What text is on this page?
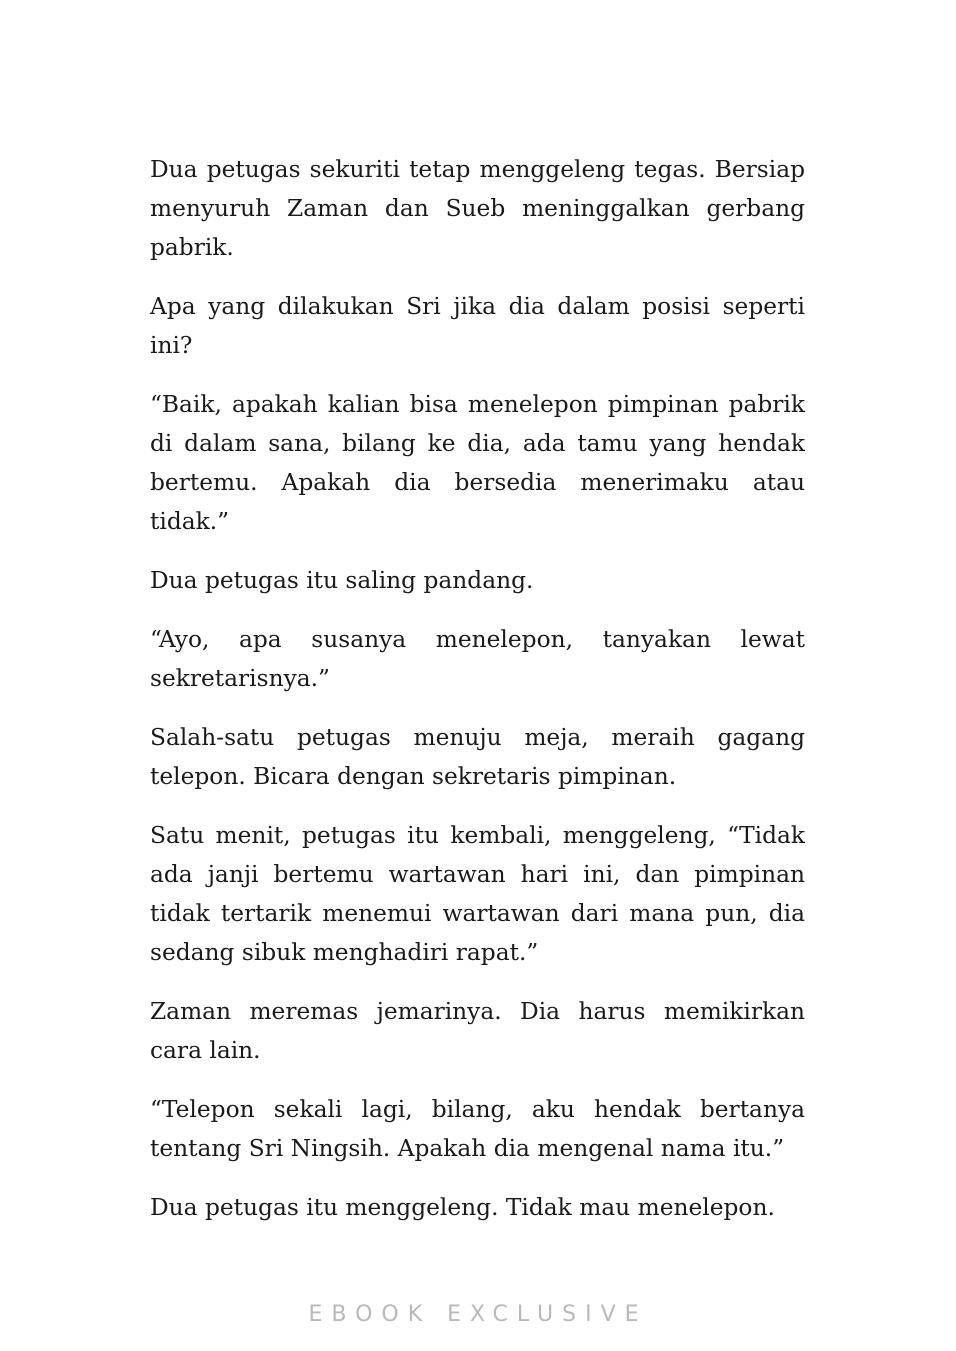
Dua petugas sekuriti tetap menggeleng tegas. Bersiap menyuruh Zaman dan Sueb meninggalkan gerbang pabrik.

Apa yang dilakukan Sri jika dia dalam posisi seperti ini?

“Baik, apakah kalian bisa menelepon pimpinan pabrik di dalam sana, bilang ke dia, ada tamu yang hendak bertemu. Apakah dia bersedia menerimaku atau tidak.”

Dua petugas itu saling pandang.

“Ayo, apa susanya menelepon, tanyakan lewat sekretarisnya.”

Salah-satu petugas menuju meja, meraih gagang telepon. Bicara dengan sekretaris pimpinan.

Satu menit, petugas itu kembali, menggeleng, “Tidak ada janji bertemu wartawan hari ini, dan pimpinan tidak tertarik menemui wartawan dari mana pun, dia sedang sibuk menghadiri rapat.”

Zaman meremas jemarinya. Dia harus memikirkan cara lain.

“Telepon sekali lagi, bilang, aku hendak bertanya tentang Sri Ningsih. Apakah dia mengenal nama itu.”

Dua petugas itu menggeleng. Tidak mau menelepon.

EBOOK EXCLUSIVE
